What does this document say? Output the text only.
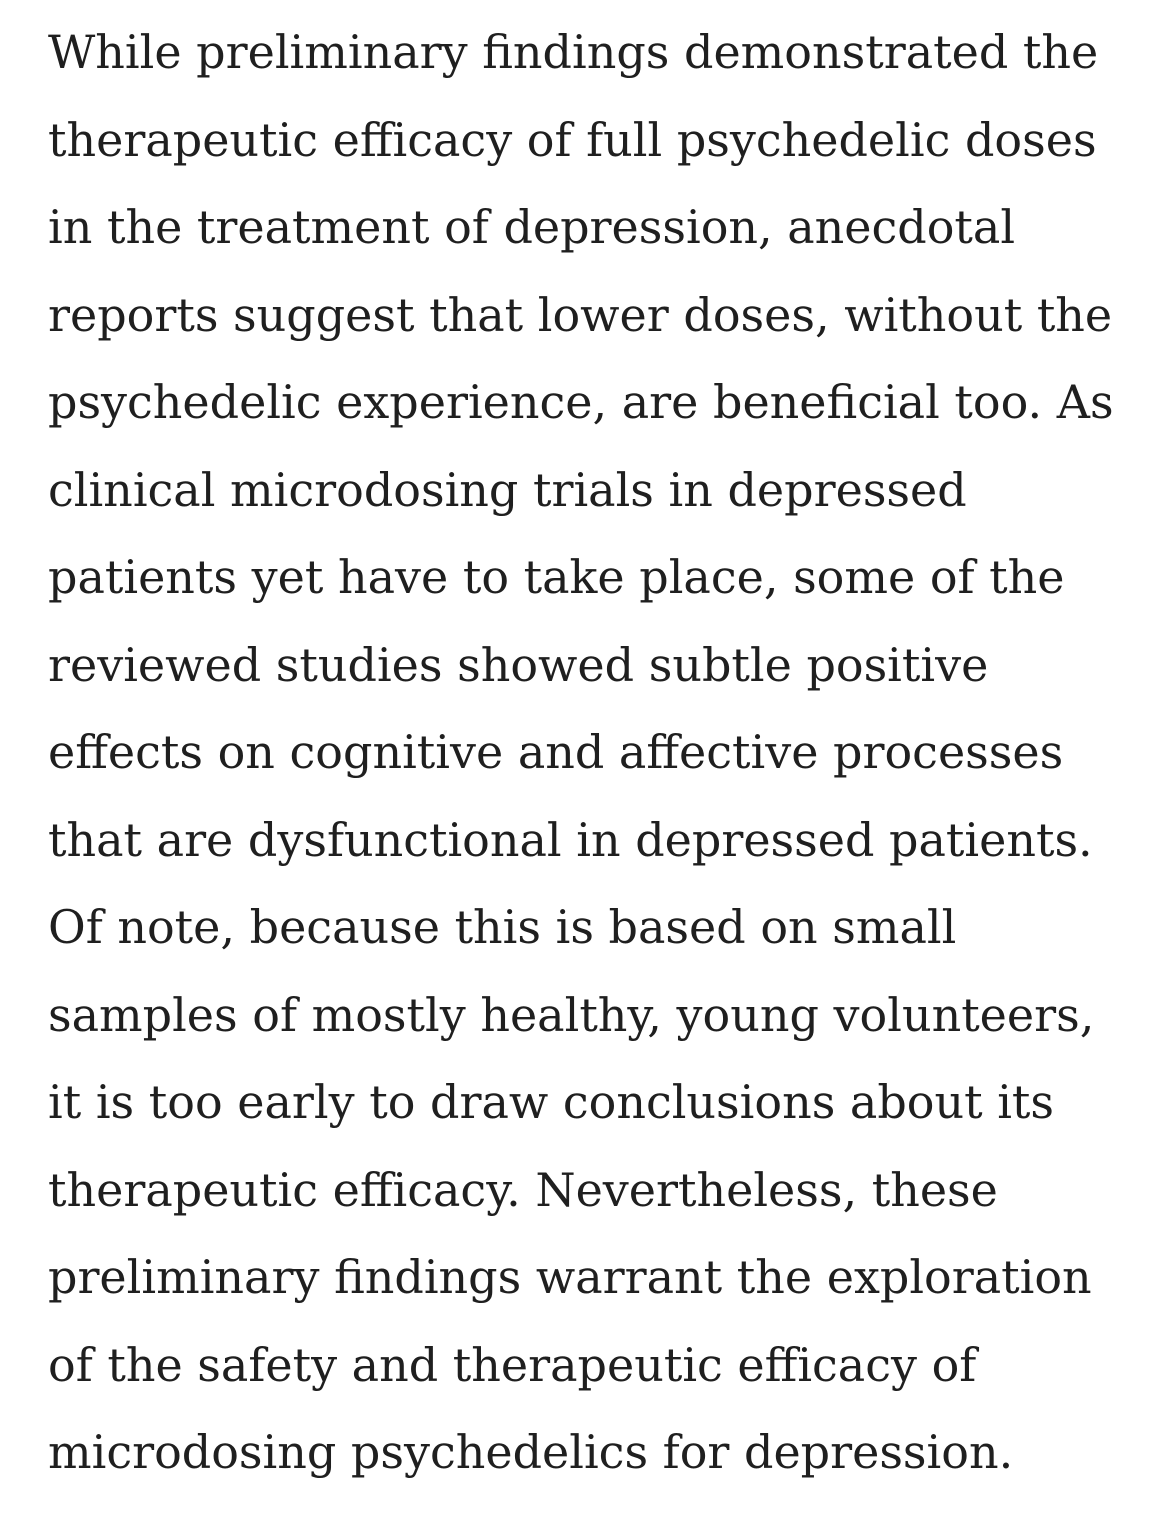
While preliminary findings demonstrated the
therapeutic efficacy of full psychedelic doses
in the treatment of depression, anecdotal
reports suggest that lower doses, without the
psychedelic experience, are beneficial too. As
clinical microdosing trials in depressed
patients yet have to take place, some of the
reviewed studies showed subtle positive
effects on cognitive and affective processes
that are dysfunctional in depressed patients.
Of note, because this is based on small
samples of mostly healthy, young volunteers,
it is too early to draw conclusions about its
therapeutic efficacy. Nevertheless, these
preliminary findings warrant the exploration
of the safety and therapeutic efficacy of
microdosing psychedelics for depression.
